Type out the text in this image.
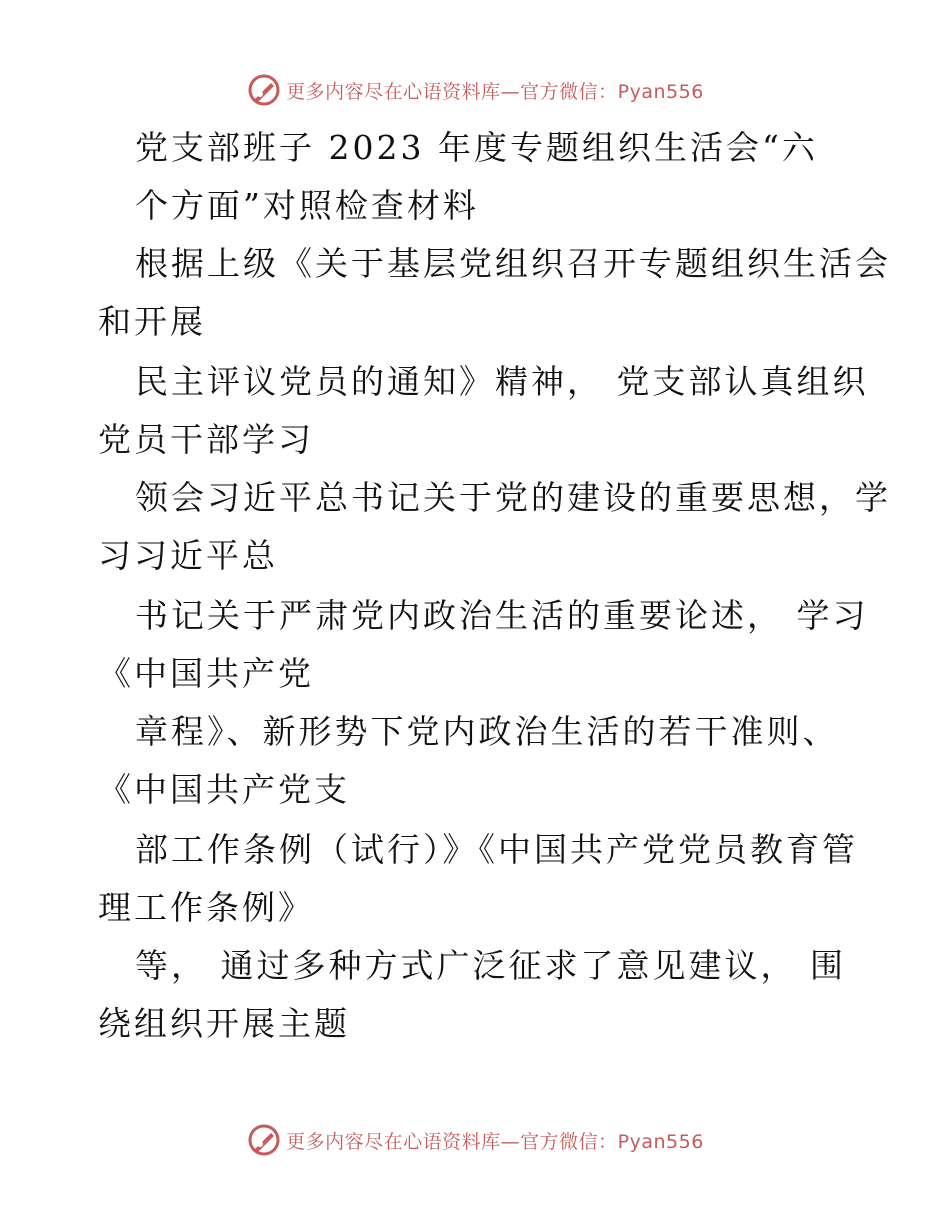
更多内容尽在心语资料库—官方微信：Pyan556
党支部班子 2023 年度专题组织生活会“六
个方面”对照检查材料
根据上级《关于基层党组织召开专题组织生活会
和开展
民主评议党员的通知》精神， 党支部认真组织
党员干部学习
领会习近平总书记关于党的建设的重要思想，学
习习近平总
书记关于严肃党内政治生活的重要论述， 学习
《中国共产党
章程》、新形势下党内政治生活的若干准则、
《中国共产党支
部工作条例（试行）》《中国共产党党员教育管
理工作条例》
等， 通过多种方式广泛征求了意见建议， 围
绕组织开展主题
更多内容尽在心语资料库—官方微信：Pyan556
